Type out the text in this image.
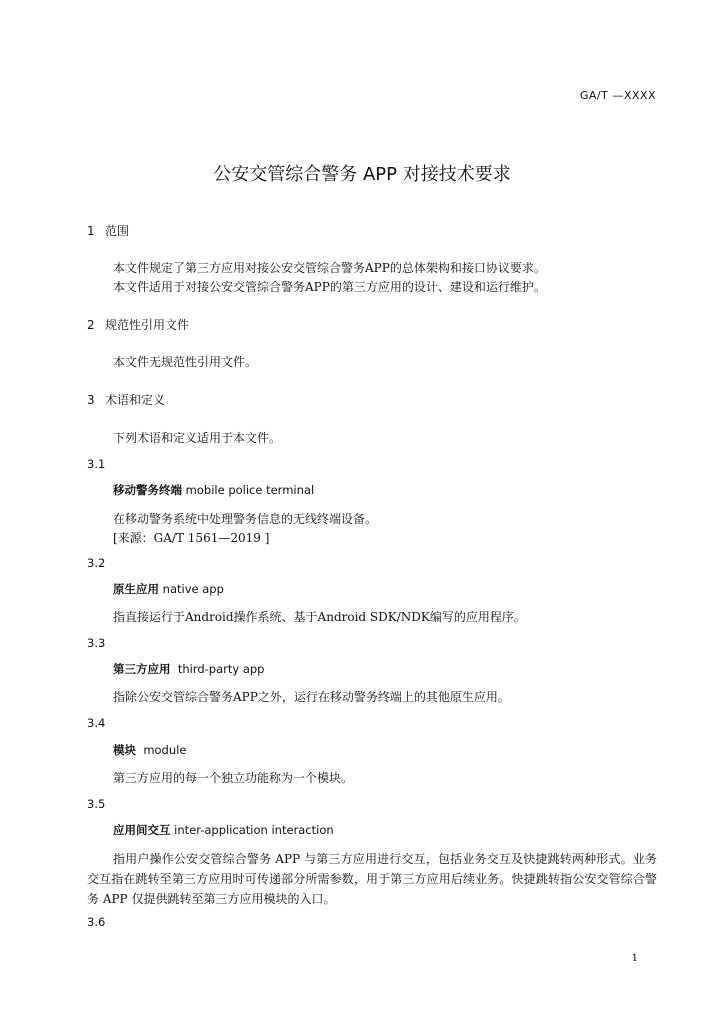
GA/T —XXXX
公安交管综合警务 APP 对接技术要求
1 范围
本文件规定了第三方应用对接公安交管综合警务APP的总体架构和接口协议要求。
本文件适用于对接公安交管综合警务APP的第三方应用的设计、建设和运行维护。
2 规范性引用文件
本文件无规范性引用文件。
3 术语和定义
下列术语和定义适用于本文件。
3.1
移动警务终端 mobile police terminal
在移动警务系统中处理警务信息的无线终端设备。
[来源：GA/T 1561—2019 ]
3.2
原生应用 native app
指直接运行于Android操作系统、基于Android SDK/NDK编写的应用程序。
3.3
第三方应用 third-party app
指除公安交管综合警务APP之外，运行在移动警务终端上的其他原生应用。
3.4
模块 module
第三方应用的每一个独立功能称为一个模块。
3.5
应用间交互 inter-application interaction
指用户操作公安交管综合警务 APP 与第三方应用进行交互，包括业务交互及快捷跳转两种形式。业务交互指在跳转至第三方应用时可传递部分所需参数，用于第三方应用后续业务。快捷跳转指公安交管综合警务 APP 仅提供跳转至第三方应用模块的入口。
3.6
1
